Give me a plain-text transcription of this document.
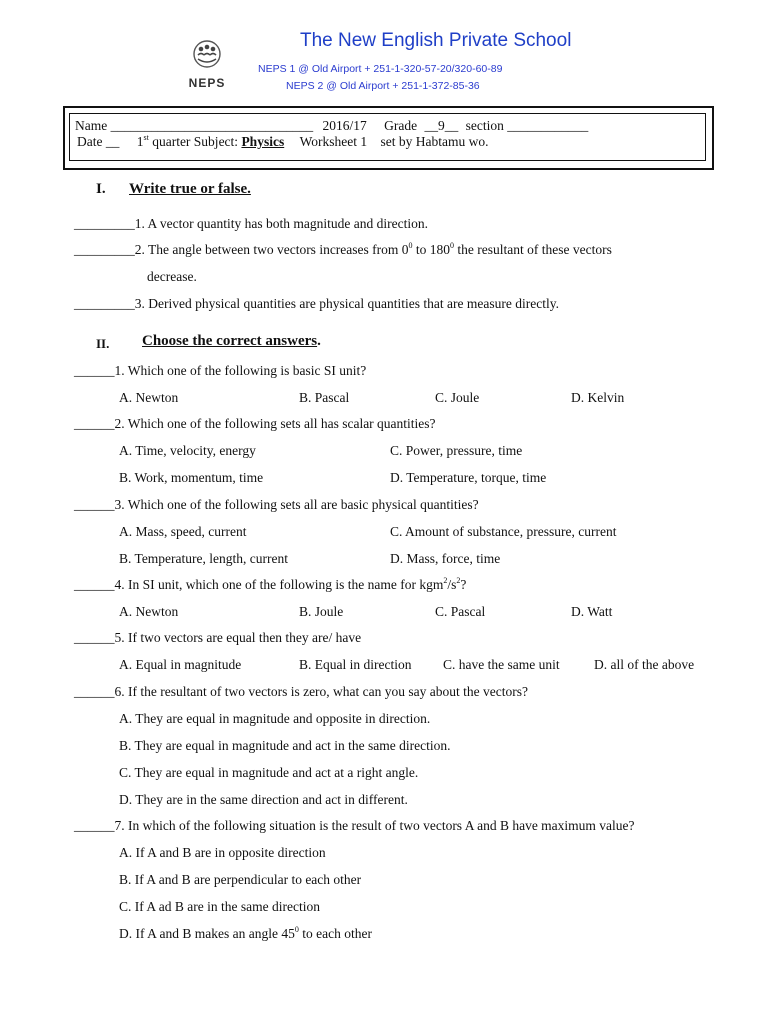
NEPS
The New English Private School
NEPS 1 @ Old Airport + 251-1-320-57-20/320-60-89
NEPS 2 @ Old Airport + 251-1-372-85-36
Name ______________________________ 2016/17 Grade __9__ section ____________
Date __ 1st quarter Subject: Physics Worksheet 1 set by Habtamu wo.
I. Write true or false.
_________1. A vector quantity has both magnitude and direction.
_________2. The angle between two vectors increases from $0^0$ to $180^0$ the resultant of these vectors
decrease.
_________3. Derived physical quantities are physical quantities that are measure directly.
II. Choose the correct answers.
______1. Which one of the following is basic SI unit?
A. Newton	B. Pascal	C. Joule	D. Kelvin
______2. Which one of the following sets all has scalar quantities?
A. Time, velocity, energy	C. Power, pressure, time
B. Work, momentum, time	D. Temperature, torque, time
______3. Which one of the following sets all are basic physical quantities?
A. Mass, speed, current	C. Amount of substance, pressure, current
B. Temperature, length, current	D. Mass, force, time
______4. In SI unit, which one of the following is the name for $kgm^2/s^2$?
A. Newton	B. Joule	C. Pascal	D. Watt
______5. If two vectors are equal then they are/ have
A. Equal in magnitude	B. Equal in direction C. have the same unit	D. all of the above
______6. If the resultant of two vectors is zero, what can you say about the vectors?
A. They are equal in magnitude and opposite in direction.
B. They are equal in magnitude and act in the same direction.
C. They are equal in magnitude and act at a right angle.
D. They are in the same direction and act in different.
______7. In which of the following situation is the result of two vectors A and B have maximum value?
A. If A and B are in opposite direction
B. If A and B are perpendicular to each other
C. If A ad B are in the same direction
D. If A and B makes an angle $45^0$ to each other
